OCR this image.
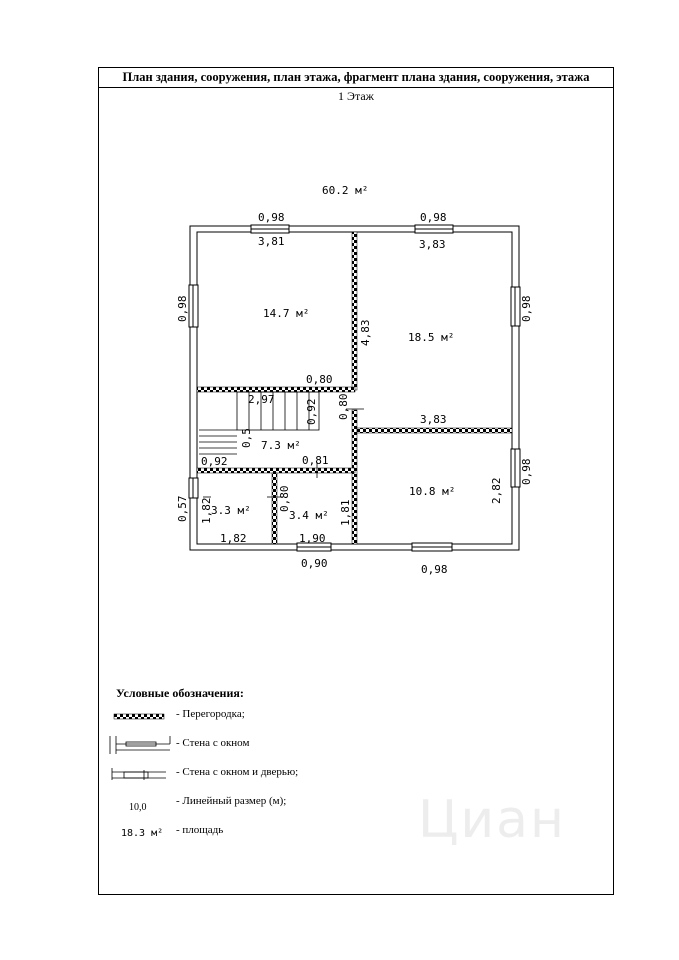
План здания, сооружения, план этажа, фрагмент плана здания, сооружения, этажа
1 Этаж
60.2 м²
14.7 м²
18.5 м²
7.3 м²
10.8 м²
3.3 м²	3.4 м²
0,98	0,98
3,81	3,83
0,80
3,83
2,97
0,92	0,81
1,82	1,90
0,90	0,98
0,98	0,98
0,98
4,83
0,80
0,92
0,5
2,82
0,57 1,82	0,80
1,81
Условные обозначения:
- Перегородка;
- Стена с окном
- Стена с окном и дверью;
10,0
- Линейный размер (м);
18.3 м² - площадь	Циан
